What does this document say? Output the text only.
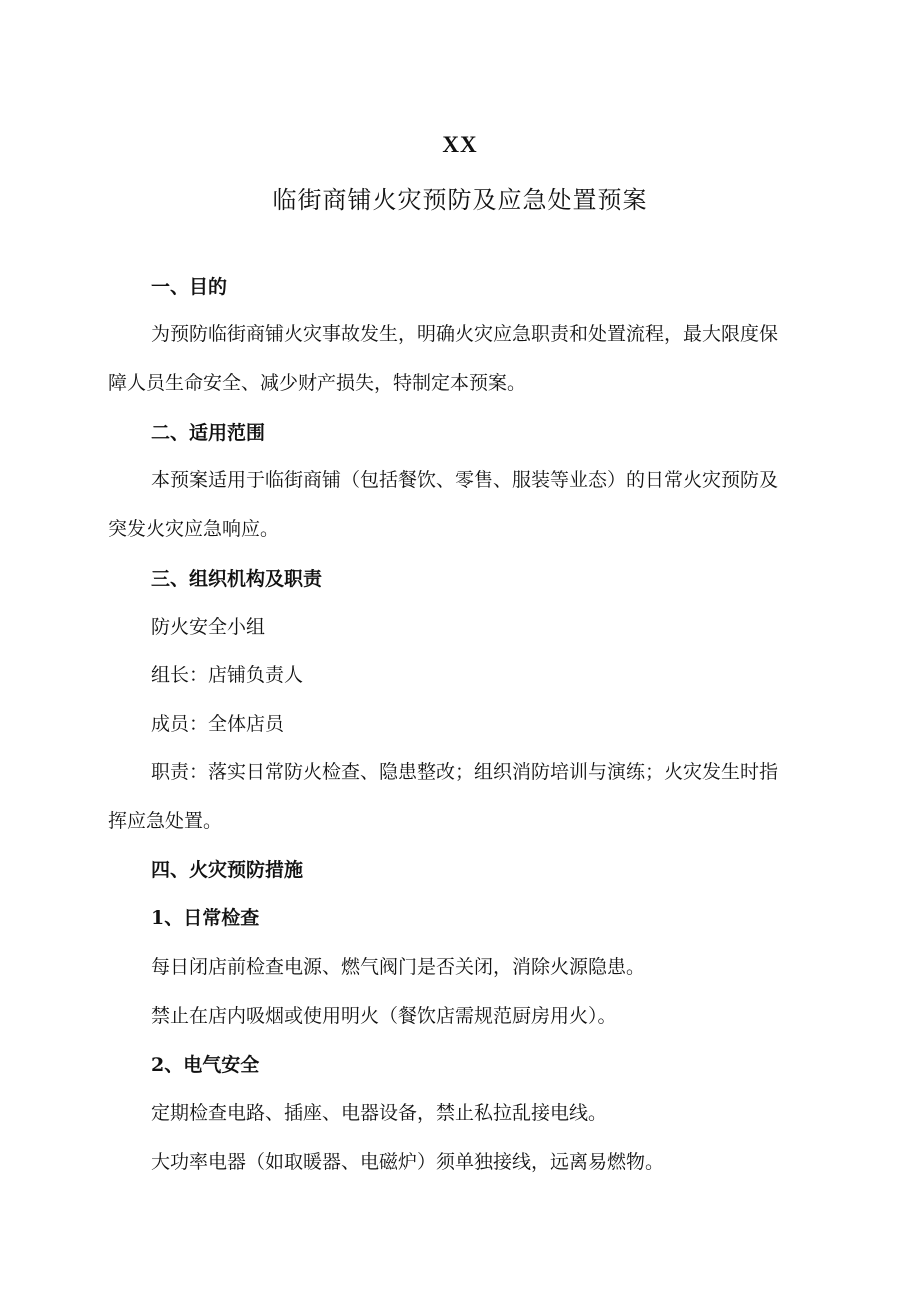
XX
临街商铺火灾预防及应急处置预案
一、目的
为预防临街商铺火灾事故发生，明确火灾应急职责和处置流程，最大限度保
障人员生命安全、减少财产损失，特制定本预案。
二、适用范围
本预案适用于临街商铺（包括餐饮、零售、服装等业态）的日常火灾预防及
突发火灾应急响应。
三、组织机构及职责
防火安全小组
组长：店铺负责人
成员：全体店员
职责：落实日常防火检查、隐患整改；组织消防培训与演练；火灾发生时指
挥应急处置。
四、火灾预防措施
1、日常检查
每日闭店前检查电源、燃气阀门是否关闭，消除火源隐患。
禁止在店内吸烟或使用明火（餐饮店需规范厨房用火）。
2、电气安全
定期检查电路、插座、电器设备，禁止私拉乱接电线。
大功率电器（如取暖器、电磁炉）须单独接线，远离易燃物。
